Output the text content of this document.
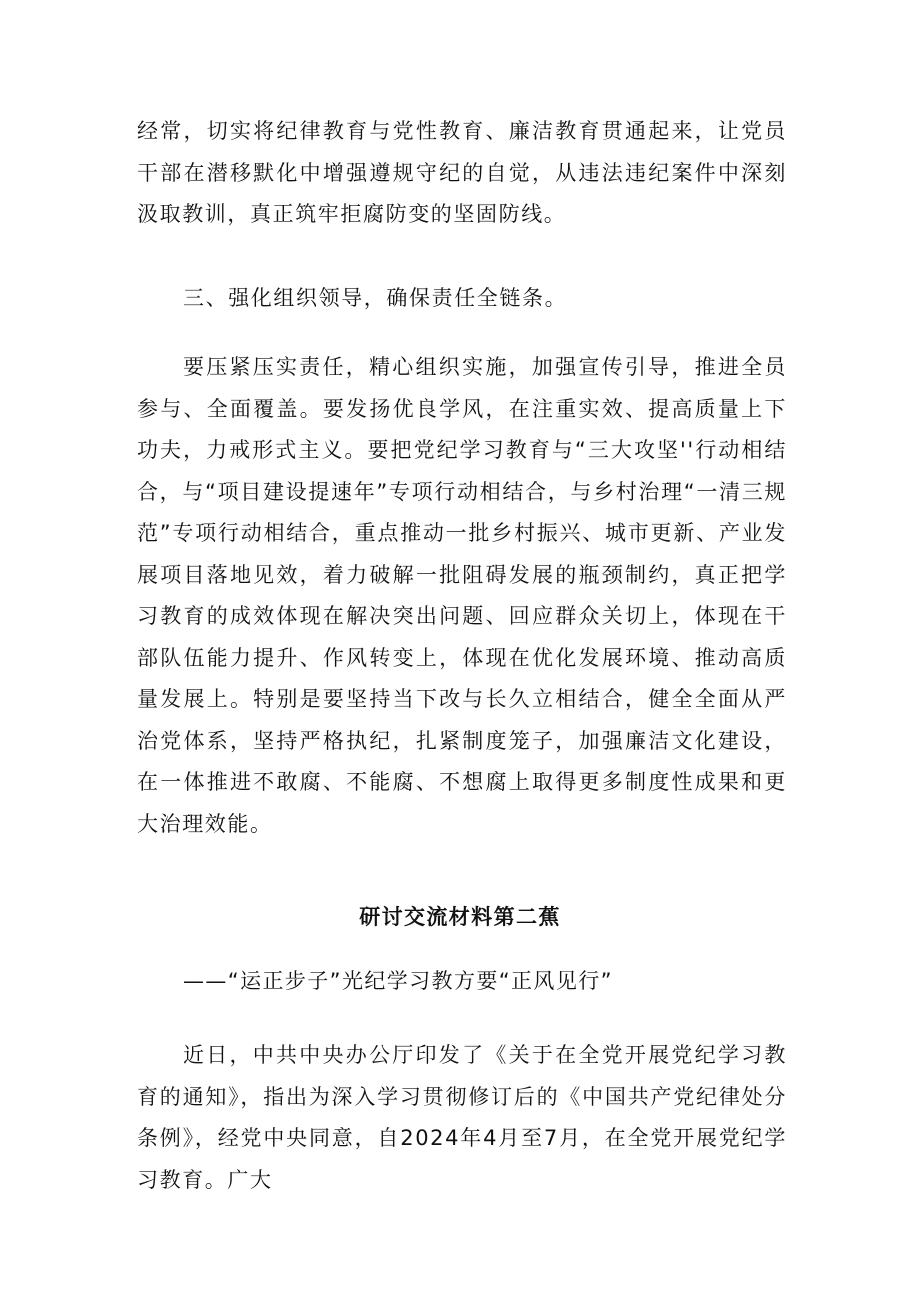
经常，切实将纪律教育与党性教育、廉洁教育贯通起来，让党员干部在潜移默化中增强遵规守纪的自觉，从违法违纪案件中深刻汲取教训，真正筑牢拒腐防变的坚固防线。

三、强化组织领导，确保责任全链条。

要压紧压实责任，精心组织实施，加强宣传引导，推进全员参与、全面覆盖。要发扬优良学风，在注重实效、提高质量上下功夫，力戒形式主义。要把党纪学习教育与“三大攻坚''行动相结合，与“项目建设提速年”专项行动相结合，与乡村治理“一清三规范”专项行动相结合，重点推动一批乡村振兴、城市更新、产业发展项目落地见效，着力破解一批阻碍发展的瓶颈制约，真正把学习教育的成效体现在解决突出问题、回应群众关切上，体现在干部队伍能力提升、作风转变上，体现在优化发展环境、推动高质量发展上。特别是要坚持当下改与长久立相结合，健全全面从严治党体系，坚持严格执纪，扎紧制度笼子，加强廉洁文化建设，在一体推进不敢腐、不能腐、不想腐上取得更多制度性成果和更大治理效能。

研讨交流材料第二蕉
——“运正步子”光纪学习教方要“正风见行”

近日，中共中央办公厅印发了《关于在全党开展党纪学习教育的通知》，指出为深入学习贯彻修订后的《中国共产党纪律处分条例》，经党中央同意，自2024年4月至7月，在全党开展党纪学习教育。广大
